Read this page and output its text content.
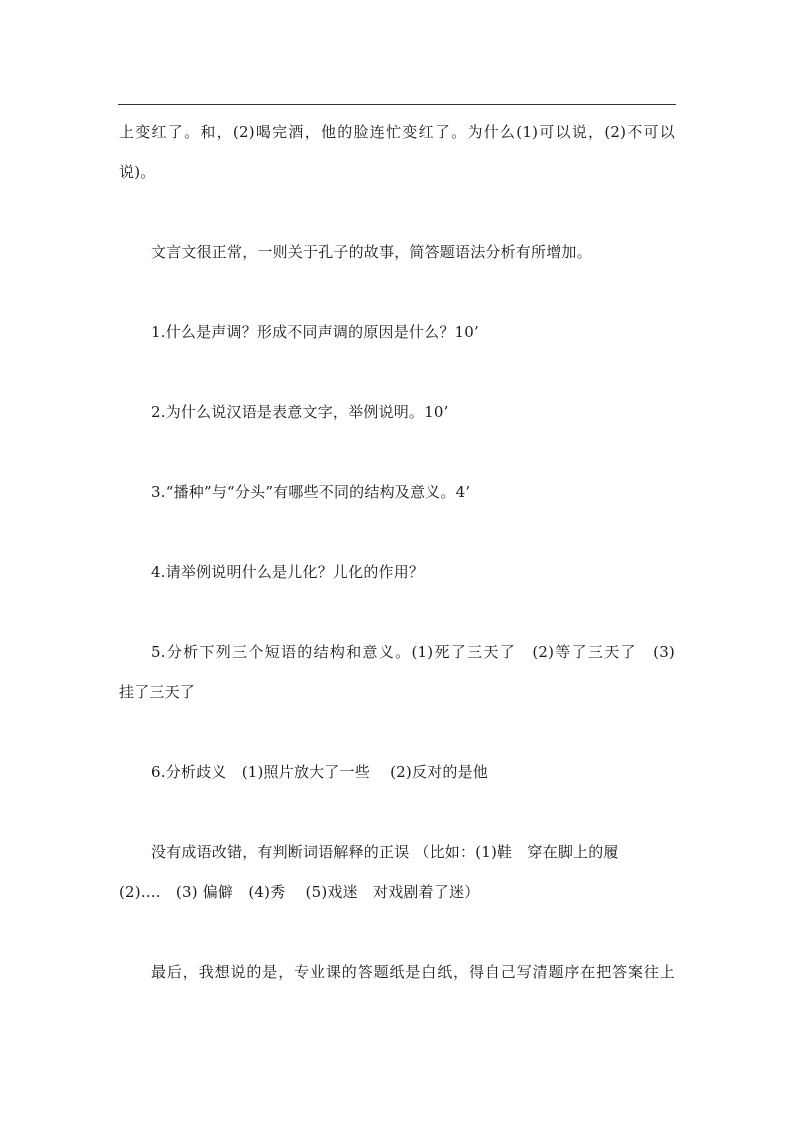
上变红了。和，(2)喝完酒，他的脸连忙变红了。为什么(1)可以说，(2)不可以
说)。
文言文很正常，一则关于孔子的故事，简答题语法分析有所增加。
1.什么是声调？形成不同声调的原因是什么？10’
2.为什么说汉语是表意文字，举例说明。10’
3.“播种”与“分头”有哪些不同的结构及意义。4’
4.请举例说明什么是儿化？儿化的作用？
5.分析下列三个短语的结构和意义。(1)死了三天了　(2)等了三天了　(3)
挂了三天了
6.分析歧义　(1)照片放大了一些　 (2)反对的是他
没有成语改错，有判断词语解释的正误 （比如：(1)鞋　穿在脚上的履
(2)....　(3) 偏僻　(4)秀　 (5)戏迷　对戏剧着了迷）
最后，我想说的是，专业课的答题纸是白纸，得自己写清题序在把答案往上
